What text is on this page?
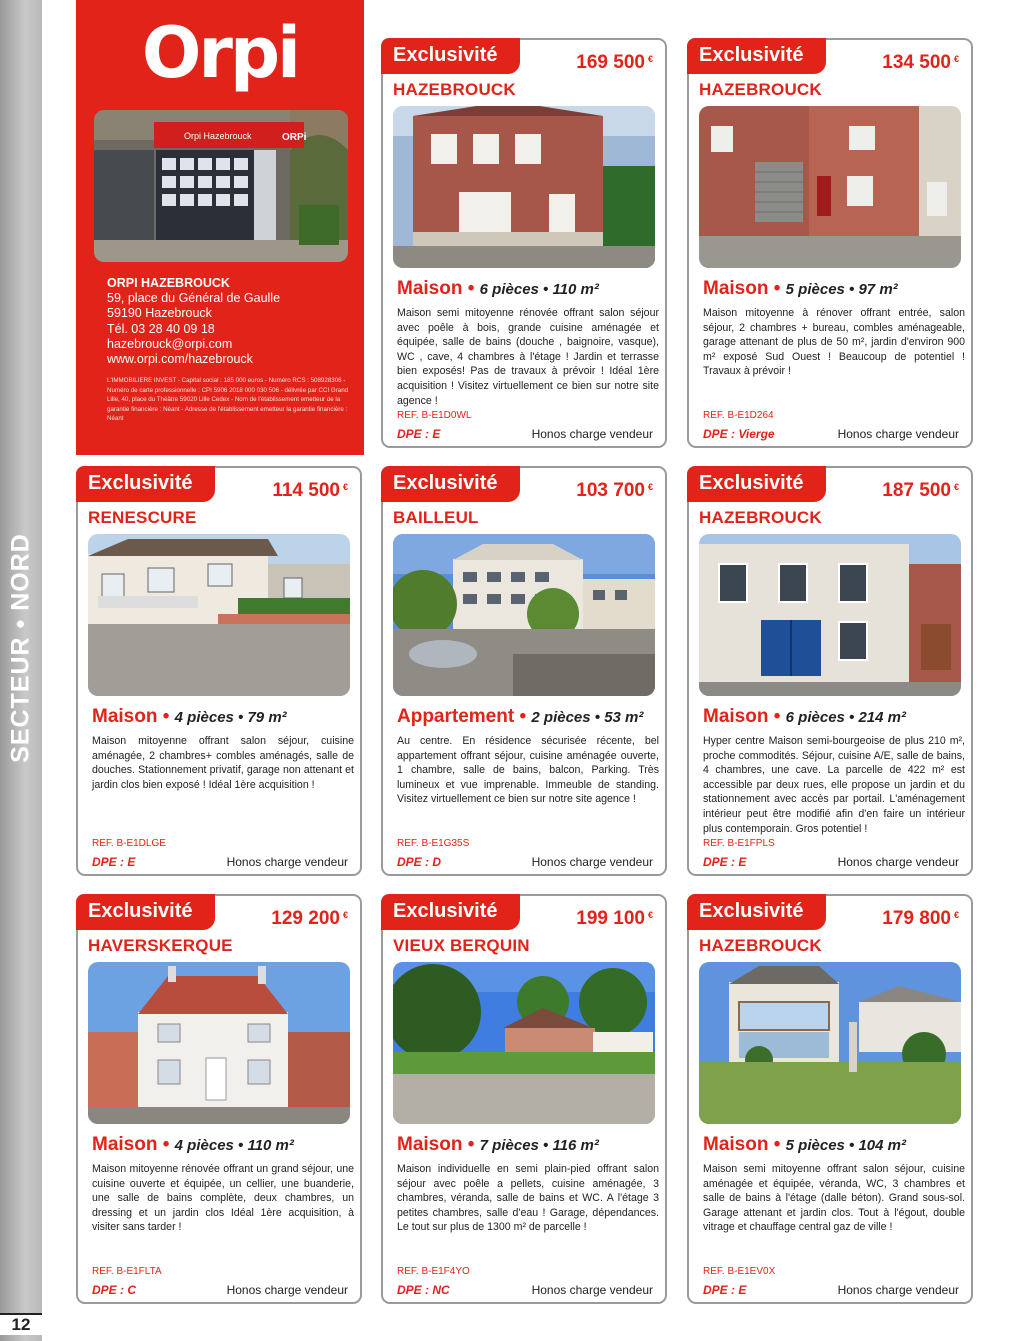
SECTEUR • NORD
12
Orpi
Orpi Hazebrouck	ORPi
ORPI HAZEBROUCK
59, place du Général de Gaulle
59190 Hazebrouck
Tél. 03 28 40 09 18
hazebrouck@orpi.com
www.orpi.com/hazebrouck
L'IMMOBILIERE INVEST - Capital social : 185 000 euros - Numéro RCS : 508928306 - Numéro de carte professionnelle : CPI 5906 2018 000 030 506 - délivrée par CCI Grand Lille, 40, place du Théâtre 59020 Lille Cedex - Nom de l'établissement emetteur de la garantie financière : Néant - Adresse de l'établissement emetteur la garantie financière : Néant
Exclusivité	169 500 €
HAZEBROUCK
Maison • 6 pièces • 110 m²
Maison semi mitoyenne rénovée offrant salon séjour avec poêle à bois, grande cuisine aménagée et équipée, salle de bains (douche , baignoire, vasque), WC , cave, 4 chambres à l'étage ! Jardin et terrasse bien exposés! Pas de travaux à prévoir ! Idéal 1ère acquisition ! Visitez virtuellement ce bien sur notre site agence !
REF. B-E1D0WL
DPE : E	Honos charge vendeur
Exclusivité	134 500 €
HAZEBROUCK
Maison • 5 pièces • 97 m²
Maison mitoyenne à rénover offrant entrée, salon séjour, 2 chambres + bureau, combles aménageable, garage attenant de plus de 50 m², jardin d'environ 900 m² exposé Sud Ouest ! Beaucoup de potentiel ! Travaux à prévoir !
REF. B-E1D264
DPE : Vierge	Honos charge vendeur
Exclusivité	114 500 €
RENESCURE
Maison • 4 pièces • 79 m²
Maison mitoyenne offrant salon séjour, cuisine aménagée, 2 chambres+ combles aménagés, salle de douches. Stationnement privatif, garage non attenant et jardin clos bien exposé ! Idéal 1ère acquisition !
REF. B-E1DLGE
DPE : E	Honos charge vendeur
Exclusivité	103 700 €
BAILLEUL
Appartement • 2 pièces • 53 m²
Au centre. En résidence sécurisée récente, bel appartement offrant séjour, cuisine aménagée ouverte, 1 chambre, salle de bains, balcon, Parking. Très lumineux et vue imprenable. Immeuble de standing. Visitez virtuellement ce bien sur notre site agence !
REF. B-E1G35S
DPE : D	Honos charge vendeur
Exclusivité	187 500 €
HAZEBROUCK
Maison • 6 pièces • 214 m²
Hyper centre Maison semi-bourgeoise de plus 210 m², proche commodités. Séjour, cuisine A/E, salle de bains, 4 chambres, une cave. La parcelle de 422 m² est accessible par deux rues, elle propose un jardin et du stationnement avec accès par portail. L'aménagement intérieur peut être modifié afin d'en faire un intérieur plus contemporain. Gros potentiel !
REF. B-E1FPLS
DPE : E	Honos charge vendeur
Exclusivité	129 200 €
HAVERSKERQUE
Maison • 4 pièces • 110 m²
Maison mitoyenne rénovée offrant un grand séjour, une cuisine ouverte et équipée, un cellier, une buanderie, une salle de bains complète, deux chambres, un dressing et un jardin clos Idéal 1ère acquisition, à visiter sans tarder !
REF. B-E1FLTA
DPE : C	Honos charge vendeur
Exclusivité	199 100 €
VIEUX BERQUIN
Maison • 7 pièces • 116 m²
Maison individuelle en semi plain-pied offrant salon séjour avec poêle a pellets, cuisine aménagée, 3 chambres, véranda, salle de bains et WC. A l'étage 3 petites chambres, salle d'eau ! Garage, dépendances. Le tout sur plus de 1300 m² de parcelle !
REF. B-E1F4YO
DPE : NC	Honos charge vendeur
Exclusivité	179 800 €
HAZEBROUCK
Maison • 5 pièces • 104 m²
Maison semi mitoyenne offrant salon séjour, cuisine aménagée et équipée, véranda, WC, 3 chambres et salle de bains à l'étage (dalle béton). Grand sous-sol. Garage attenant et jardin clos. Tout à l'égout, double vitrage et chauffage central gaz de ville !
REF. B-E1EV0X
DPE : E	Honos charge vendeur
